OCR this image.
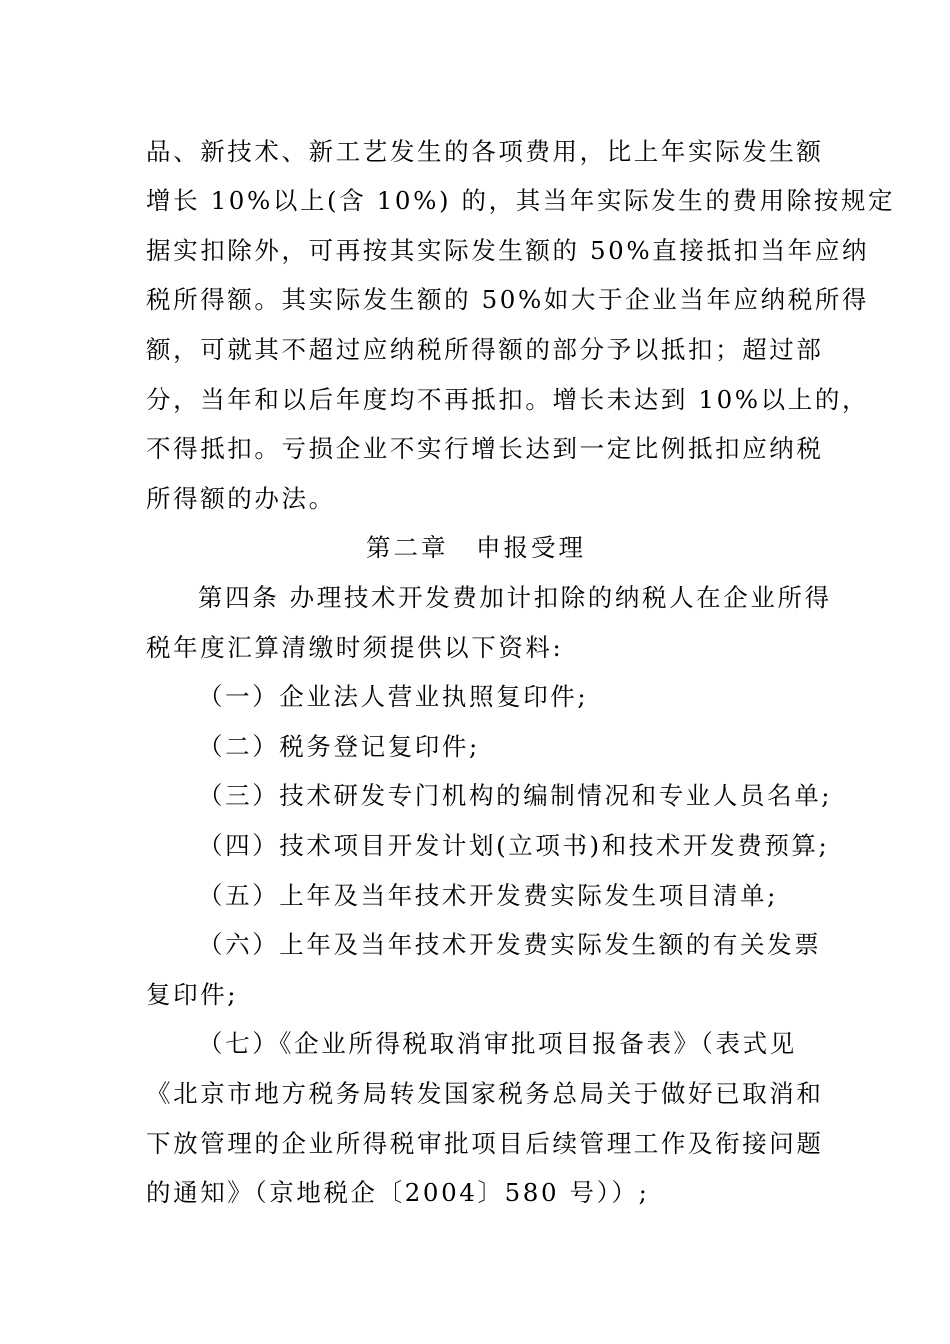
品、新技术、新工艺发生的各项费用，比上年实际发生额
增长 10%以上(含 10%) 的，其当年实际发生的费用除按规定
据实扣除外，可再按其实际发生额的 50%直接抵扣当年应纳
税所得额。其实际发生额的 50%如大于企业当年应纳税所得
额，可就其不超过应纳税所得额的部分予以抵扣；超过部
分，当年和以后年度均不再抵扣。增长未达到 10%以上的，
不得抵扣。亏损企业不实行增长达到一定比例抵扣应纳税
所得额的办法。
第二章　申报受理
第四条 办理技术开发费加计扣除的纳税人在企业所得
税年度汇算清缴时须提供以下资料:
（一）企业法人营业执照复印件;
（二）税务登记复印件;
（三）技术研发专门机构的编制情况和专业人员名单;
（四）技术项目开发计划(立项书)和技术开发费预算;
（五）上年及当年技术开发费实际发生项目清单;
（六）上年及当年技术开发费实际发生额的有关发票
复印件;
（七）《企业所得税取消审批项目报备表》（表式见
《北京市地方税务局转发国家税务总局关于做好已取消和
下放管理的企业所得税审批项目后续管理工作及衔接问题
的通知》（京地税企〔2004〕580 号））;
